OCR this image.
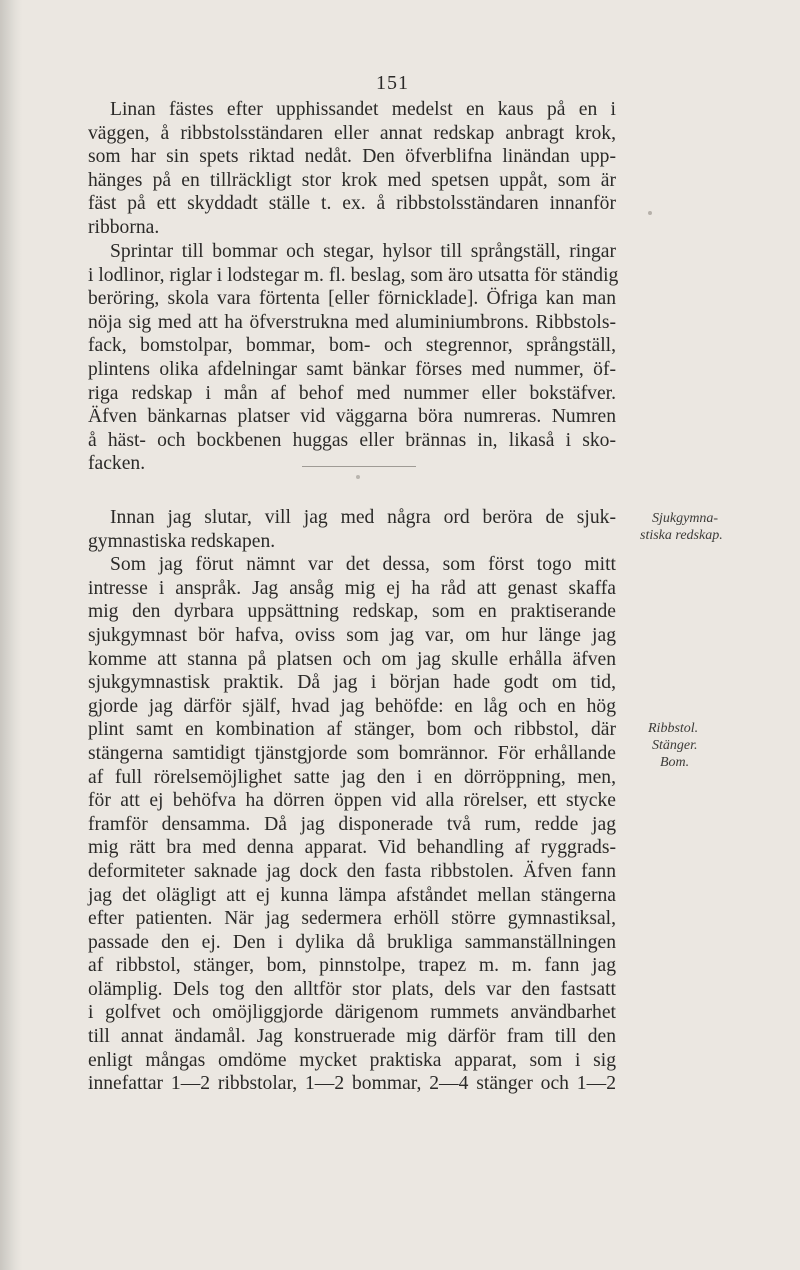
151
Linan fästes efter upphissandet medelst en kaus på en i
väggen, å ribbstolsständaren eller annat redskap anbragt krok,
som har sin spets riktad nedåt. Den öfverblifna linändan upp-
hänges på en tillräckligt stor krok med spetsen uppåt, som är
fäst på ett skyddadt ställe t. ex. å ribbstolsständaren innanför
ribborna.
Sprintar till bommar och stegar, hylsor till språngställ, ringar
i lodlinor, riglar i lodstegar m. fl. beslag, som äro utsatta för ständig
beröring, skola vara förtenta [eller förnicklade]. Öfriga kan man
nöja sig med att ha öfverstrukna med aluminiumbrons. Ribbstols-
fack, bomstolpar, bommar, bom- och stegrennor, språngställ,
plintens olika afdelningar samt bänkar förses med nummer, öf-
riga redskap i mån af behof med nummer eller bokstäfver.
Äfven bänkarnas platser vid väggarna böra numreras. Numren
å häst- och bockbenen huggas eller brännas in, likaså i sko-
facken.
Innan jag slutar, vill jag med några ord beröra de sjuk-
gymnastiska redskapen.
Som jag förut nämnt var det dessa, som först togo mitt
intresse i anspråk. Jag ansåg mig ej ha råd att genast skaffa
mig den dyrbara uppsättning redskap, som en praktiserande
sjukgymnast bör hafva, oviss som jag var, om hur länge jag
komme att stanna på platsen och om jag skulle erhålla äfven
sjukgymnastisk praktik. Då jag i början hade godt om tid,
gjorde jag därför själf, hvad jag behöfde: en låg och en hög
plint samt en kombination af stänger, bom och ribbstol, där
stängerna samtidigt tjänstgjorde som bomrännor. För erhållande
af full rörelsemöjlighet satte jag den i en dörröppning, men,
för att ej behöfva ha dörren öppen vid alla rörelser, ett stycke
framför densamma. Då jag disponerade två rum, redde jag
mig rätt bra med denna apparat. Vid behandling af ryggrads-
deformiteter saknade jag dock den fasta ribbstolen. Äfven fann
jag det olägligt att ej kunna lämpa afståndet mellan stängerna
efter patienten. När jag sedermera erhöll större gymnastiksal,
passade den ej. Den i dylika då brukliga sammanställningen
af ribbstol, stänger, bom, pinnstolpe, trapez m. m. fann jag
olämplig. Dels tog den alltför stor plats, dels var den fastsatt
i golfvet och omöjliggjorde därigenom rummets användbarhet
till annat ändamål. Jag konstruerade mig därför fram till den
enligt mångas omdöme mycket praktiska apparat, som i sig
innefattar 1—2 ribbstolar, 1—2 bommar, 2—4 stänger och 1—2
Sjukgymna-
stiska redskap.
Ribbstol.
Stänger.
Bom.
